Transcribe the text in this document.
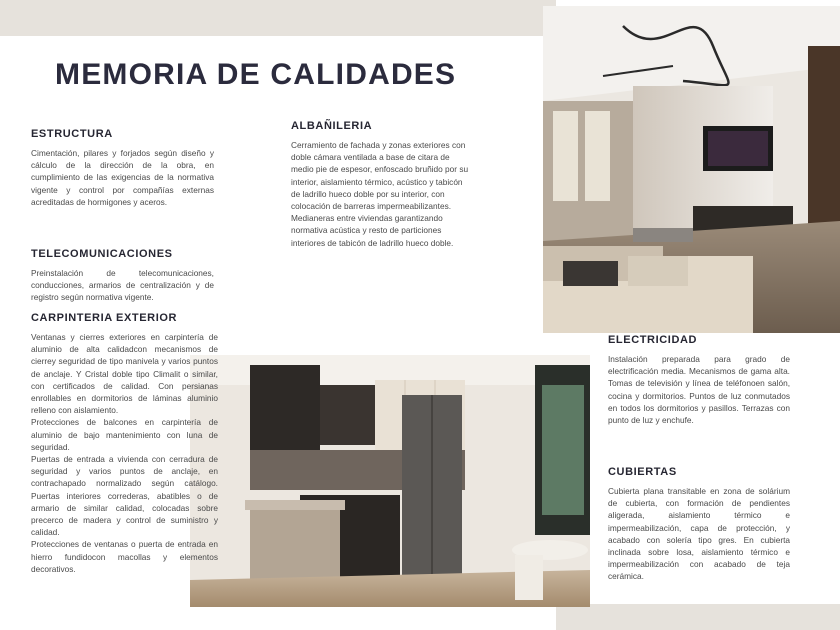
MEMORIA DE CALIDADES
ESTRUCTURA

Cimentación, pilares y forjados según diseño y cálculo de la dirección de la obra, en cumplimiento de las exigencias de la normativa vigente y control por compañías externas acreditadas de hormigones y aceros.

TELECOMUNICACIONES

Preinstalación de telecomunicaciones, conducciones, armarios de centralización y de registro según normativa vigente.

CARPINTERIA EXTERIOR

Ventanas y cierres exteriores en carpintería de aluminio de alta calidadcon mecanismos de cierrey seguridad de tipo manivela y varios puntos de anclaje. Y Cristal doble tipo Climalit o similar, con certificados de calidad. Con persianas enrollables en dormitorios de láminas aluminio relleno con aislamiento.
Protecciones de balcones en carpintería de aluminio de bajo mantenimiento con luna de seguridad.
Puertas de entrada a vivienda con cerradura de seguridad y varios puntos de anclaje, en contrachapado normalizado según catálogo. Puertas interiores correderas, abatibles o de armario de similar calidad, colocadas sobre precerco de madera y control de suministro y calidad.
Protecciones de ventanas o puerta de entrada en hierro fundidocon macollas y elementos decorativos.

ALBAÑILERIA

Cerramiento de fachada y zonas exteriores con doble cámara ventilada a base de citara de medio pie de espesor, enfoscado bruñido por su interior, aislamiento térmico, acústico y tabicón de ladrillo hueco doble por su interior, con colocación de barreras impermeabilizantes. Medianeras entre viviendas garantizando normativa acústica y resto de particiones interiores de tabicón de ladrillo hueco doble.

ELECTRICIDAD

Instalación preparada para grado de electrificación media. Mecanismos de gama alta. Tomas de televisión y línea de teléfonoen salón, cocina y dormitorios. Puntos de luz conmutados en todos los dormitorios y pasillos. Terrazas con punto de luz y enchufe.

CUBIERTAS

Cubierta plana transitable en zona de solárium de cubierta, con formación de pendientes aligerada, aislamiento térmico e impermeabilización, capa de protección, y acabado con solería tipo gres. En cubierta inclinada sobre losa, aislamiento térmico e impermeabilización con acabado de teja cerámica.
